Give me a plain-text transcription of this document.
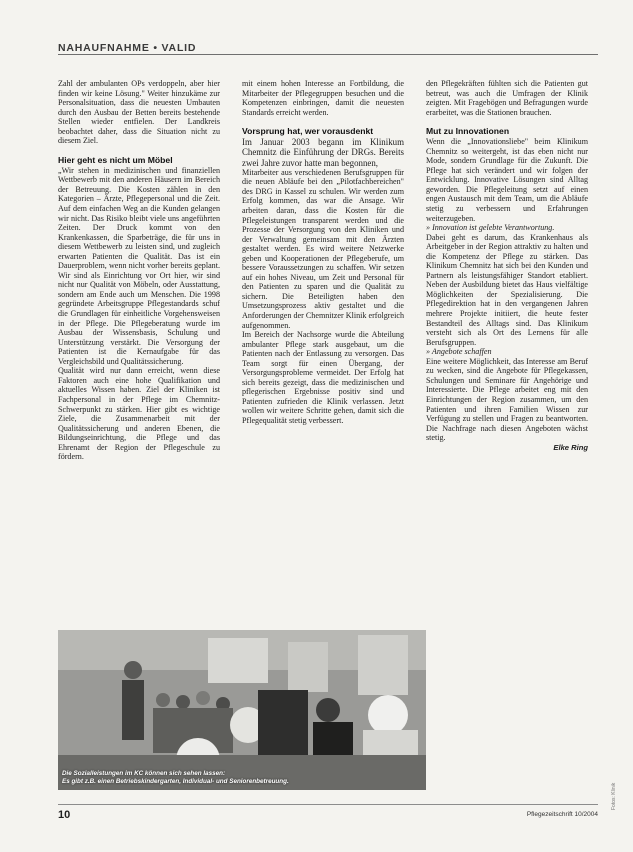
NAHAUFNAHME • VALID

Zahl der ambulanten OPs verdoppeln, aber hier finden wir keine Lösung." Weiter hinzukäme zur Personalsituation, dass die neuesten Umbauten durch den Ausbau der Betten bereits bestehende Stellen wieder entfielen. Der Landkreis beobachtet daher, dass die Situation nicht zu diesem Ziel.

Hier geht es nicht um Möbel

„Wir stehen in medizinischen und finanziellen Wettbewerb mit den anderen Häusern im Bereich der Betreuung. Die Kosten zählen in den Kategorien – Ärzte, Pflegepersonal und die Zeit. Auf dem einfachen Weg an die Kunden gelangen wir nicht. Das Risiko bleibt viele uns angeführten Zeiten. Der Druck kommt von den Krankenkassen, die Sparbeträge, die für uns in diesem Wettbewerb zu leisten sind, und zugleich erwarten Patienten die Qualität. Das ist ein Dauerproblem, wenn nicht vorher bereits geplant. Wir sind als Einrichtung vor Ort hier, wir sind nicht nur Qualität von Möbeln, oder Ausstattung, sondern am Ende auch um Menschen. Die 1998 gegründete Arbeitsgruppe Pflegestandards schuf die Grundlagen für einheitliche Vorgehensweisen in der Pflege. Die Pflegeberatung wurde im Ausbau der Wissensbasis, Schulung und Unterstützung verstärkt. Die Versorgung der Patienten ist die Kernaufgabe für das Vergleichsbild und Qualitätssicherung.

Qualität wird nur dann erreicht, wenn diese Faktoren auch eine hohe Qualifikation und aktuelles Wissen haben. Ziel der Kliniken ist Fachpersonal in der Pflege im Chemnitz-Schwerpunkt zu stärken. Hier gibt es wichtige Ziele, die Zusammenarbeit mit der Qualitätssicherung und anderen Ebenen, die Bildungseinrichtung, die Pflege und das Ehrenamt der Region der Pflegeschule zu fördern.

mit einem hohen Interesse an Fortbildung, die Mitarbeiter der Pflegegruppen besuchen und die Kompetenzen einbringen, damit die neuesten Standards erreicht werden.

Vorsprung hat, wer vorausdenkt

Im Januar 2003 begann im Klinikum Chemnitz die Einführung der DRGs. Bereits zwei Jahre zuvor hatte man begonnen,

Mitarbeiter aus verschiedenen Berufsgruppen für die neuen Abläufe bei den „Pilotfachbereichen" des DRG in Kassel zu schulen. Wir werden zum Erfolg kommen, das war die Ansage. Wir arbeiten daran, dass die Kosten für die Pflegeleistungen transparent werden und die Prozesse der Versorgung von den Kliniken und der Verwaltung gemeinsam mit den Ärzten gestaltet werden. Es wird weitere Netzwerke geben und Kooperationen der Pflegeberufe, um bessere Voraussetzungen zu schaffen. Wir setzen auf ein hohes Niveau, um Zeit und Personal für den Patienten zu sparen und die Qualität zu sichern. Die Beteiligten haben den Umsetzungsprozess aktiv gestaltet und die Anforderungen der Chemnitzer Klinik erfolgreich aufgenommen.

Im Bereich der Nachsorge wurde die Abteilung ambulanter Pflege stark ausgebaut, um die Patienten nach der Entlassung zu versorgen. Das Team sorgt für einen Übergang, der Versorgungsprobleme vermeidet. Der Erfolg hat sich bereits gezeigt, dass die medizinischen und pflegerischen Ergebnisse positiv sind und Patienten zufrieden die Klinik verlassen. Jetzt wollen wir weitere Schritte gehen, damit sich die Pflegequalität stetig verbessert.

den Pflegekräften fühlten sich die Patienten gut betreut, was auch die Umfragen der Klinik zeigten. Mit Fragebögen und Befragungen wurde erarbeitet, was die Stationen brauchen.

Mut zu Innovationen

Wenn die „Innovationsliebe" beim Klinikum Chemnitz so weitergeht, ist das eben nicht nur Mode, sondern Grundlage für die Zukunft. Die Pflege hat sich verändert und wir folgen der Entwicklung. Innovative Lösungen sind Alltag geworden. Die Pflegeleitung setzt auf einen engen Austausch mit dem Team, um die Abläufe stetig zu verbessern und Erfahrungen weiterzugeben.

» Innovation ist gelebte Verantwortung.

Dabei geht es darum, das Krankenhaus als Arbeitgeber in der Region attraktiv zu halten und die Kompetenz der Pflege zu stärken. Das Klinikum Chemnitz hat sich bei den Kunden und Partnern als leistungsfähiger Standort etabliert. Neben der Ausbildung bietet das Haus vielfältige Möglichkeiten der Spezialisierung. Die Pflegedirektion hat in den vergangenen Jahren mehrere Projekte initiiert, die heute fester Bestandteil des Alltags sind. Das Klinikum versteht sich als Ort des Lernens für alle Berufsgruppen.

» Angebote schaffen

Eine weitere Möglichkeit, das Interesse am Beruf zu wecken, sind die Angebote für Pflegekassen, Schulungen und Seminare für Angehörige und Interessierte. Die Pflege arbeitet eng mit den Einrichtungen der Region zusammen, um den Patienten und ihren Familien Wissen zur Verfügung zu stellen und Fragen zu beantworten. Die Nachfrage nach diesen Angeboten wächst stetig.

Elke Ring

Die Sozialleistungen im KC können sich sehen lassen:
Es gibt z.B. einen Betriebskindergarten, Individual- und Seniorenbetreuung.
10	Pflegezeitschrift 10/2004
Fotos: Klinik
